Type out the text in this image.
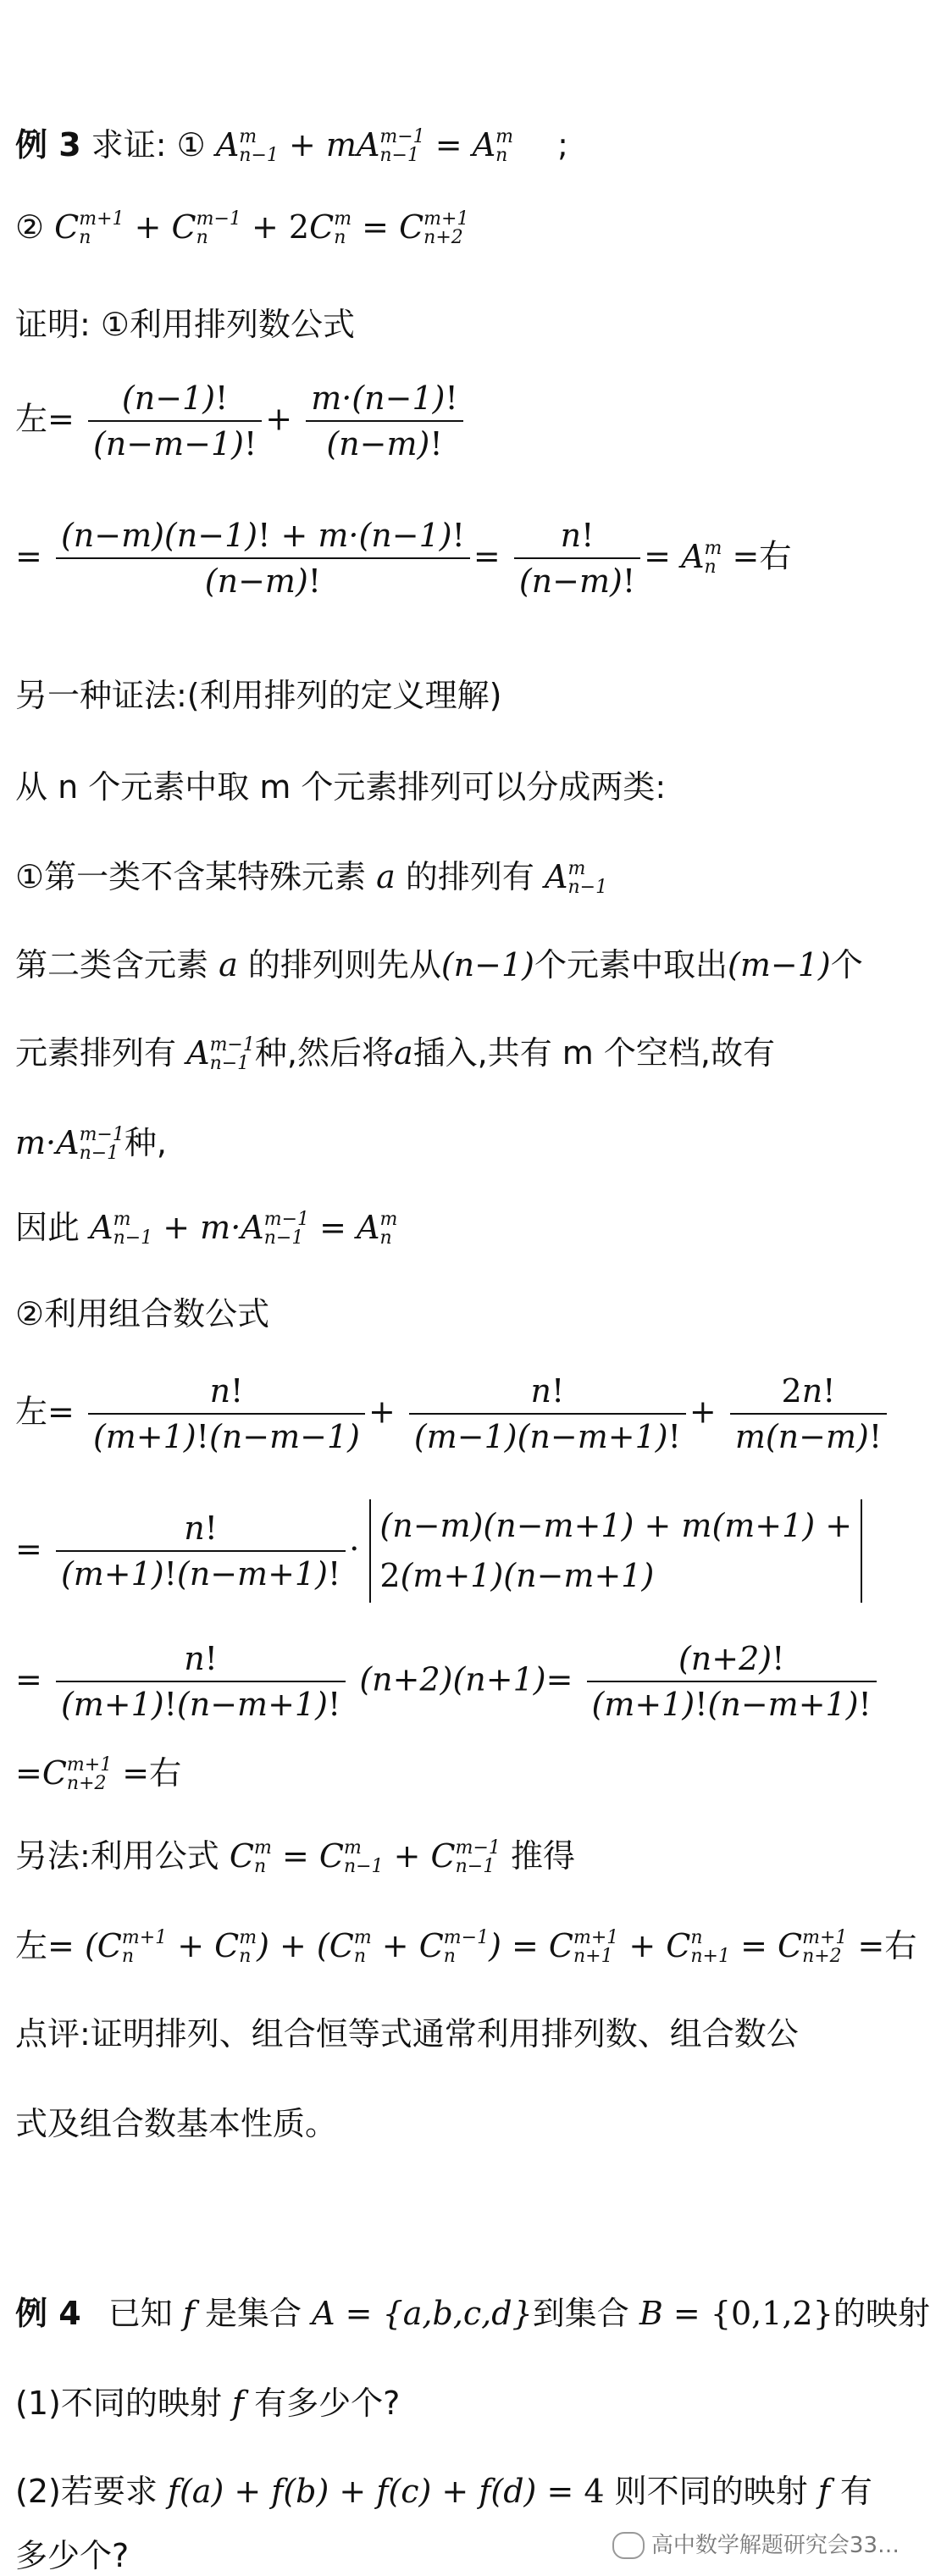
例 3 求证: ① A m
n−1 + mA m−1
n−1 = A m
n ;
② C m+1
n	+ C m−1
n	+ 2C m
n = C m+1
n+2
证明: ①利用排列数公式
左= $\frac{(n-1)!}{(n-m-1)!} + \frac{m\cdot(n-1)!}{(n-m)!}$
= $\frac{(n-m)(n-1)! + m\cdot(n-1)!}{(n-m)!} = \frac{n!}{(n-m)!} = A$ m
n =右
另一种证法:(利用排列的定义理解)
从 n 个元素中取 m 个元素排列可以分成两类:
①第一类不含某特殊元素 a 的排列有 A m
n−1
第二类含元素 a 的排列则先从(n−1)个元素中取出(m−1)个
元素排列有 A m−1
n−1 种,然后将a插入,共有 m 个空档,故有
m·A m−1
n−1 种,
因此 A m
n−1 + m·A m−1
n−1 = A m
n
②利用组合数公式
左= $\frac{n!}{(m+1)!(n-m-1)} + \frac{n!}{(m-1)(n-m+1)!} + \frac{2n!}{m(n-m)!}$
= $\frac{n!}{(m+1)!(n-m+1)!}$ ·
(n−m)(n−m+1) + m(m+1) +
2(m+1)(n−m+1)
= $\frac{n!}{(m+1)!(n-m+1)!} (n+2)(n+1)= \frac{(n+2)!}{(m+1)!(n-m+1)!}$
=C m+1
n+2 =右
另法:利用公式 C m
n = C m
n−1 + C m−1
n−1 推得
左= (C m+1
n	+ C m
n ) + (C m
n + C m−1
n	) = C m+1
n+1 + C n
n+1 = C m+1
n+2 =右
点评:证明排列、组合恒等式通常利用排列数、组合数公
式及组合数基本性质。
例 4 已知 f 是集合 A = {a,b,c,d}到集合 B = {0,1,2}的映射
(1)不同的映射 f 有多少个?
(2)若要求 f(a) + f(b) + f(c) + f(d) = 4 则不同的映射 f 有
多少个?	高中数学解题研究会33…
